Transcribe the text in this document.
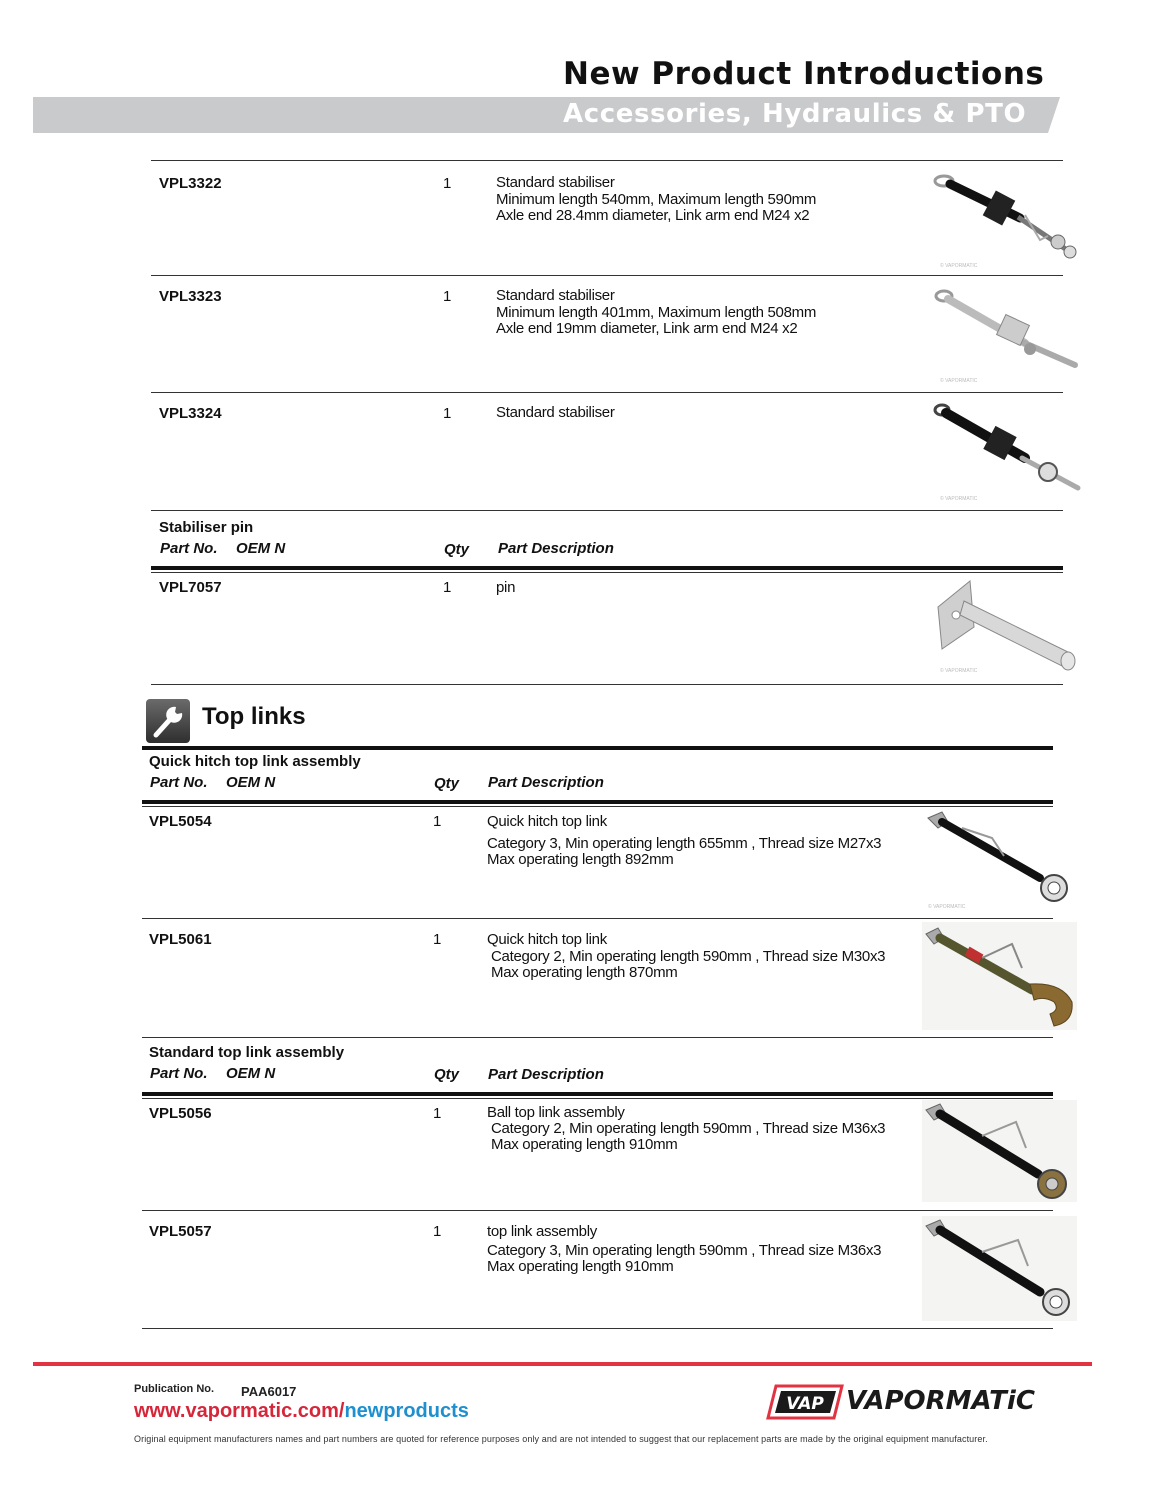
New Product Introductions
Accessories, Hydraulics & PTO
VPL3322	1	Standard stabiliser
Minimum length 540mm, Maximum length 590mm
Axle end 28.4mm diameter, Link arm end M24 x2
© VAPORMATIC
VPL3323	1	Standard stabiliser
Minimum length 401mm, Maximum length 508mm
Axle end 19mm diameter, Link arm end M24 x2
© VAPORMATIC
VPL3324	1	Standard stabiliser
© VAPORMATIC
Stabiliser pin
Part No. OEM N	Qty Part Description
VPL7057	1	pin
© VAPORMATIC
Top links
Quick hitch top link assembly
Part No. OEM N	Qty Part Description
VPL5054	1	Quick hitch top link
Category 3, Min operating length 655mm , Thread size M27x3
Max operating length 892mm
© VAPORMATIC
VPL5061	1	Quick hitch top link
Category 2, Min operating length 590mm , Thread size M30x3
Max operating length 870mm
Standard top link assembly
Part No. OEM N	Qty Part Description
VPL5056	1	Ball top link assembly
Category 2, Min operating length 590mm , Thread size M36x3
Max operating length 910mm
VPL5057	1	top link assembly
Category 3, Min operating length 590mm , Thread size M36x3
Max operating length 910mm
Publication No. PAA6017
www.vapormatic.com/newproducts	VAP VAPORMATiC
Original equipment manufacturers names and part numbers are quoted for reference purposes only and are not intended to suggest that our replacement parts are made by the original equipment manufacturer.
